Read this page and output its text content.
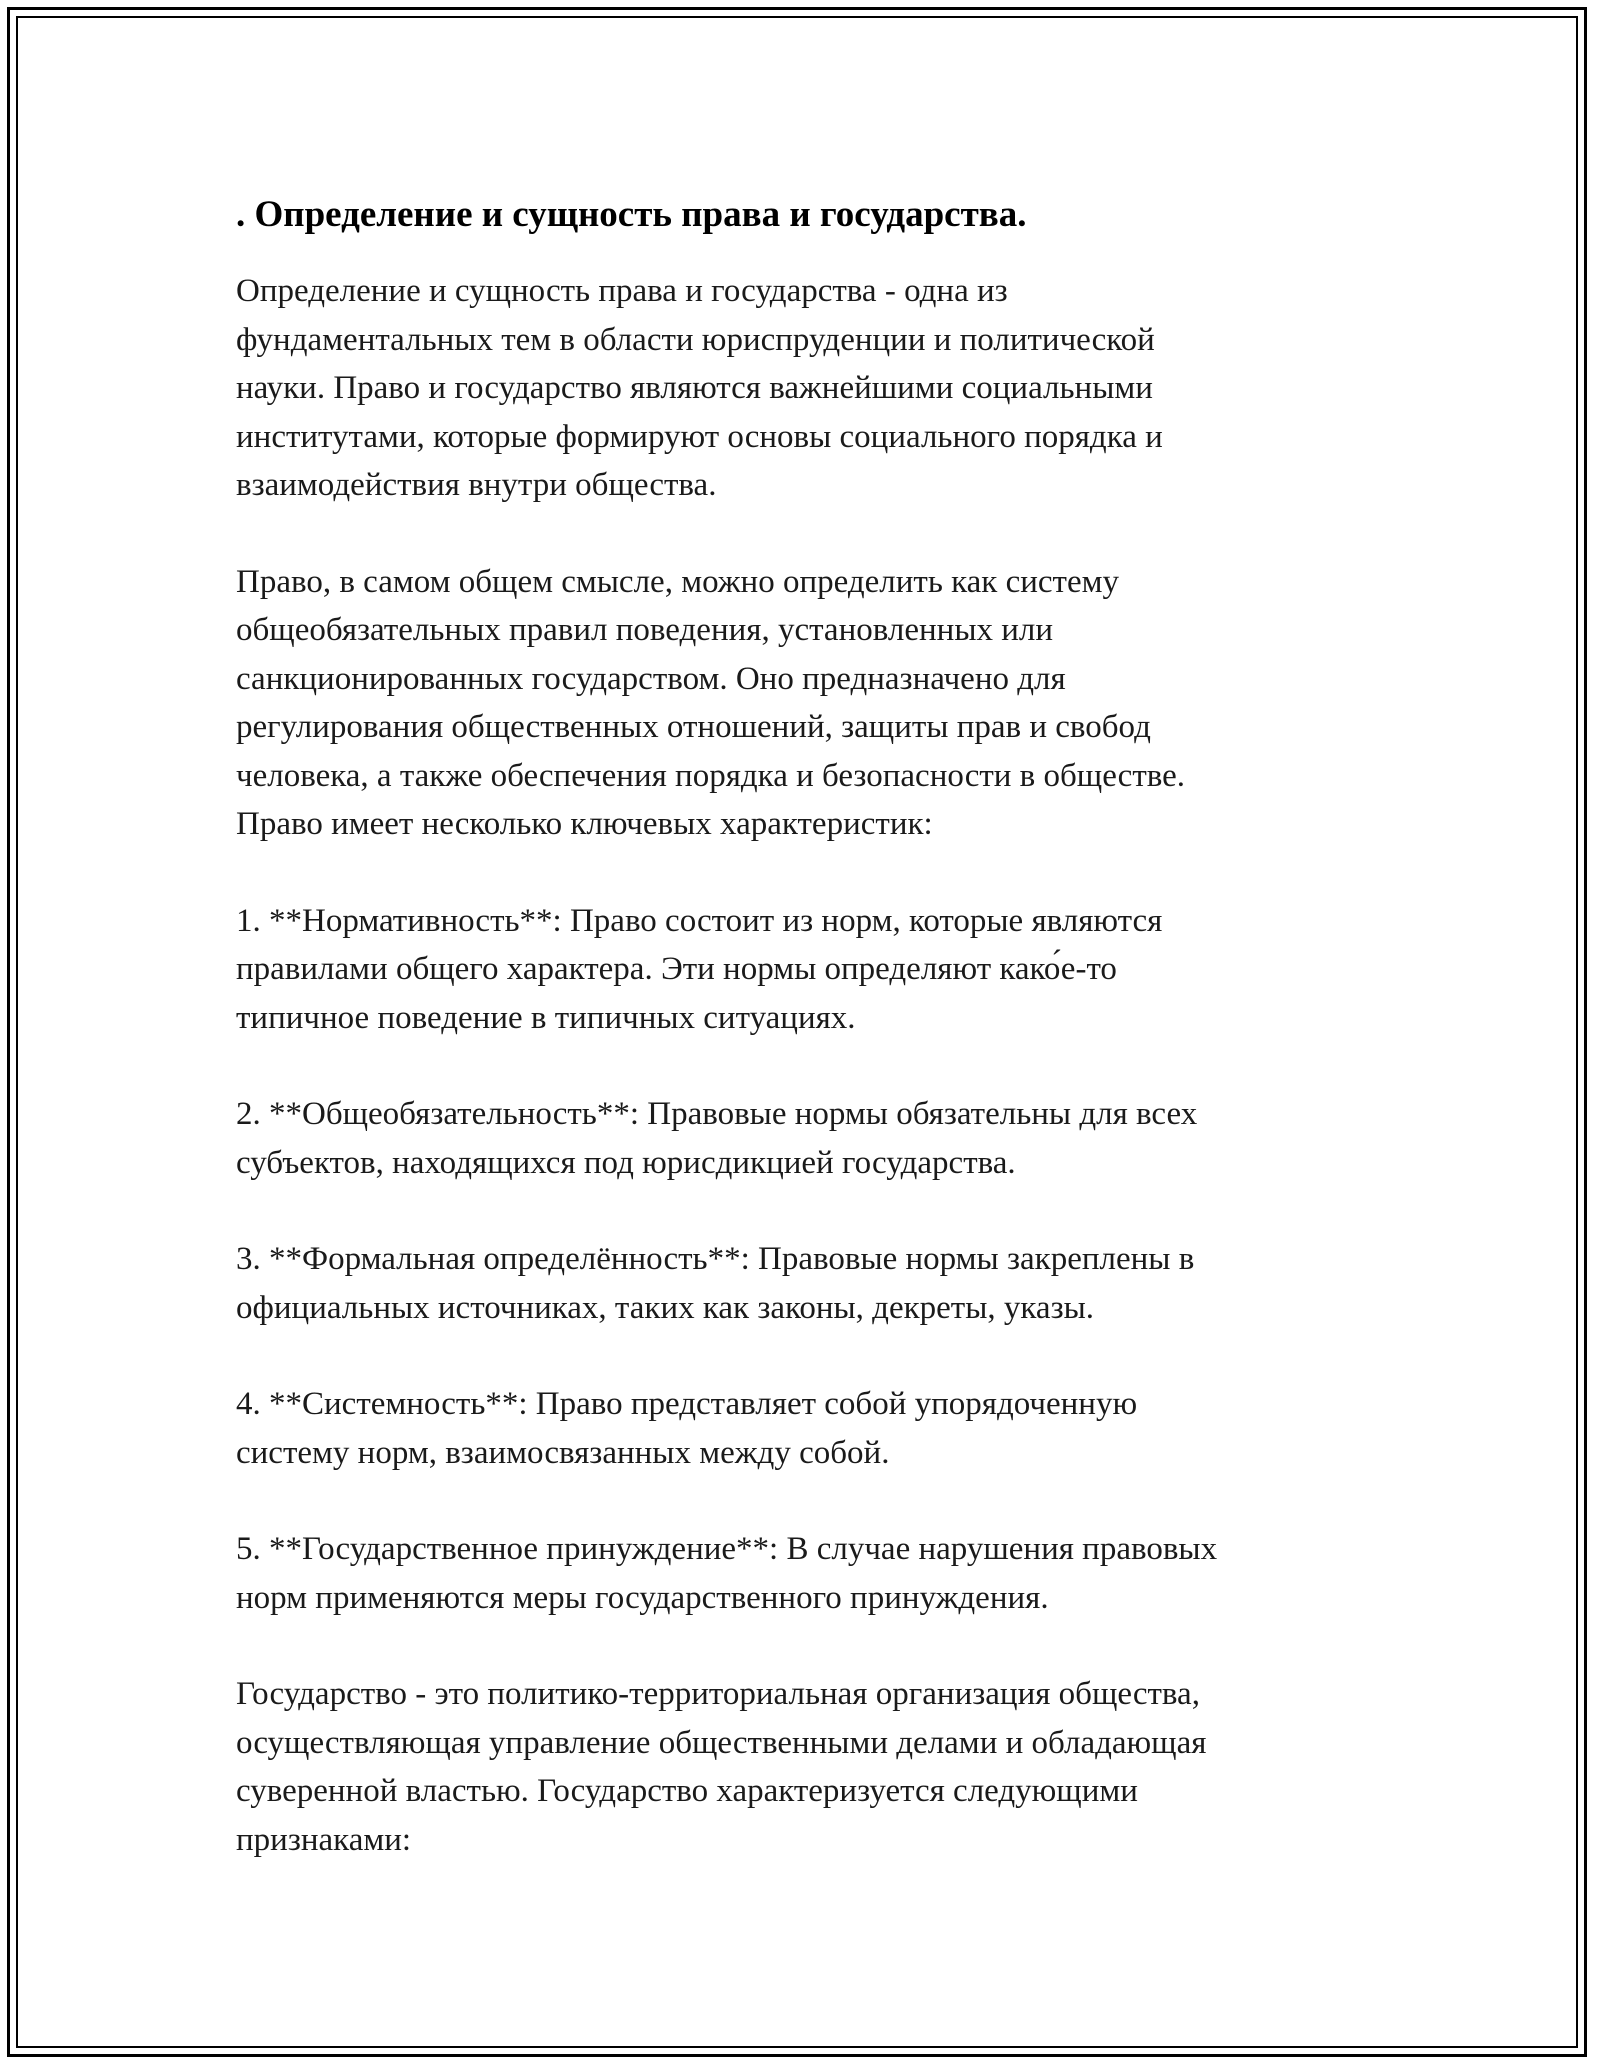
. Определение и сущность права и государства.

Определение и сущность права и государства - одна из
фундаментальных тем в области юриспруденции и политической
науки. Право и государство являются важнейшими социальными
институтами, которые формируют основы социального порядка и
взаимодействия внутри общества.

Право, в самом общем смысле, можно определить как систему
общеобязательных правил поведения, установленных или
санкционированных государством. Оно предназначено для
регулирования общественных отношений, защиты прав и свобод
человека, а также обеспечения порядка и безопасности в обществе.
Право имеет несколько ключевых характеристик:

1. **Нормативность**: Право состоит из норм, которые являются
правилами общего характера. Эти нормы определяют како́е-то
типичное поведение в типичных ситуациях.

2. **Общеобязательность**: Правовые нормы обязательны для всех
субъектов, находящихся под юрисдикцией государства.

3. **Формальная определённость**: Правовые нормы закреплены в
официальных источниках, таких как законы, декреты, указы.

4. **Системность**: Право представляет собой упорядоченную
систему норм, взаимосвязанных между собой.

5. **Государственное принуждение**: В случае нарушения правовых
норм применяются меры государственного принуждения.

Государство - это политико-территориальная организация общества,
осуществляющая управление общественными делами и обладающая
суверенной властью. Государство характеризуется следующими
признаками:
